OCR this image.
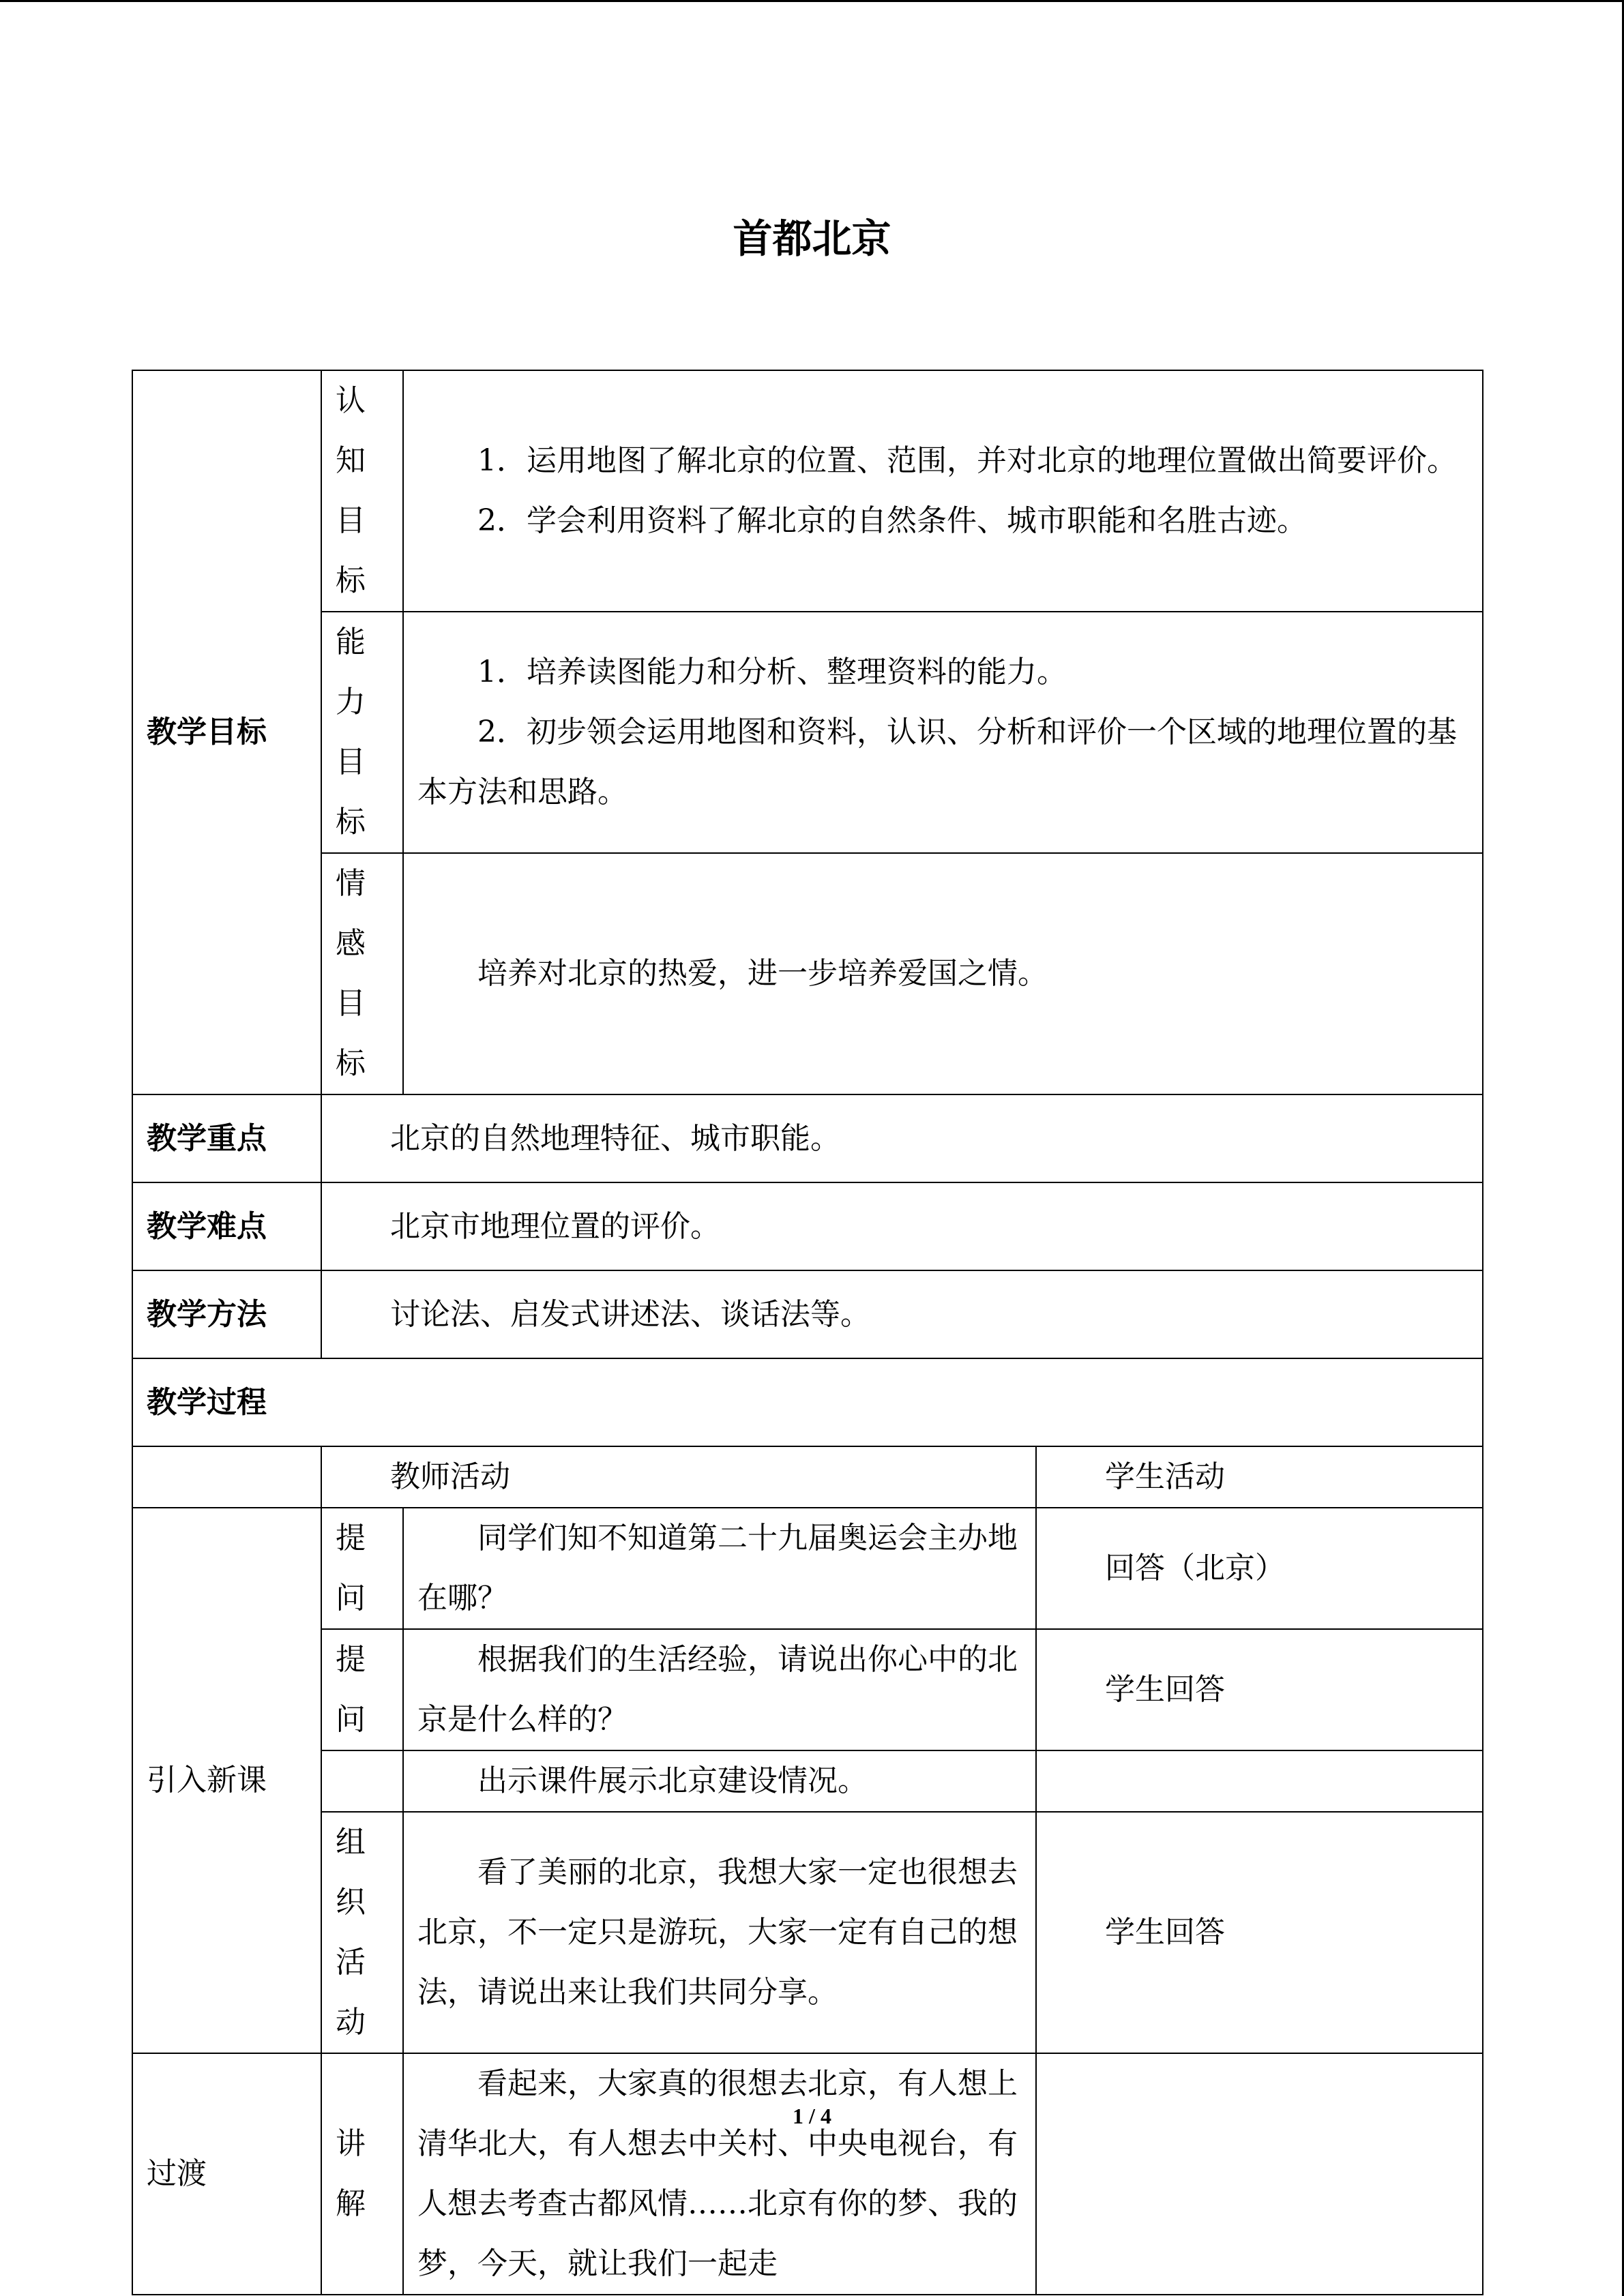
首都北京
教学目标	认知目标	1．运用地图了解北京的位置、范围，并对北京的地理位置做出简要评价。

2．学会利用资料了解北京的自然条件、城市职能和名胜古迹。	

	能力目标	1．培养读图能力和分析、整理资料的能力。

2．初步领会运用地图和资料，认识、分析和评价一个区域的地理位置的基本方法和思路。	

	情感目标	培养对北京的热爱，进一步培养爱国之情。	

教学重点	北京的自然地理特征、城市职能。		
教学难点	北京市地理位置的评价。		
教学方法	讨论法、启发式讲述法、谈话法等。		
教学过程			
	教师活动		学生活动
引入新课	提问	同学们知不知道第二十九届奥运会主办地在哪？	回答（北京）
	提问	根据我们的生活经验，请说出你心中的北京是什么样的？	学生回答

		出示课件展示北京建设情况。	

	组织活动	看了美丽的北京，我想大家一定也很想去北京，不一定只是游玩，大家一定有自己的想法，请说出来让我们共同分享。	学生回答
过渡	讲解	看起来，大家真的很想去北京，有人想上清华北大，有人想去中关村、中央电视台，有人想去考查古都风情……北京有你的梦、我的梦，今天，就让我们一起走	

1 / 4
